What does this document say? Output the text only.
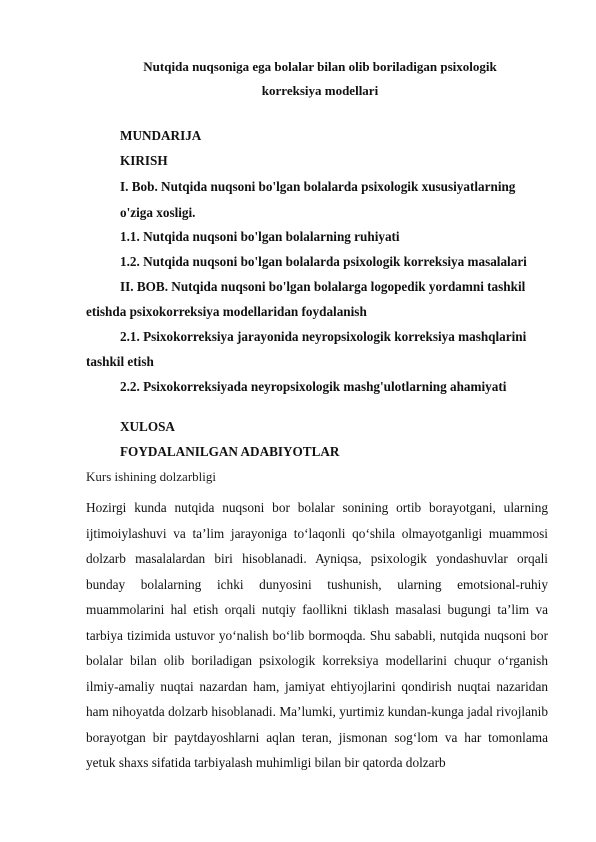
Nutqida nuqsoniga ega bolalar bilan olib boriladigan psixologik
korreksiya modellari
MUNDARIJA
KIRISH
I. Bob. Nutqida nuqsoni bo'lgan bolalarda psixologik xususiyatlarning
o'ziga xosligi.
1.1. Nutqida nuqsoni bo'lgan bolalarning ruhiyati
1.2. Nutqida nuqsoni bo'lgan bolalarda psixologik korreksiya masalalari
II. BOB. Nutqida nuqsoni bo'lgan bolalarga logopedik yordamni tashkil
etishda psixokorreksiya modellaridan foydalanish
2.1. Psixokorreksiya jarayonida neyropsixologik korreksiya mashqlarini
tashkil etish
2.2. Psixokorreksiyada neyropsixologik mashg'ulotlarning ahamiyati
XULOSA
FOYDALANILGAN ADABIYOTLAR
Kurs ishining dolzarbligi

Hozirgi kunda nutqida nuqsoni bor bolalar sonining ortib borayotgani, ularning ijtimoiylashuvi va ta’lim jarayoniga to‘laqonli qo‘shila olmayotganligi muammosi dolzarb masalalardan biri hisoblanadi. Ayniqsa, psixologik yondashuvlar orqali bunday bolalarning ichki dunyosini tushunish, ularning emotsional-ruhiy muammolarini hal etish orqali nutqiy faollikni tiklash masalasi bugungi ta’lim va tarbiya tizimida ustuvor yo‘nalish bo‘lib bormoqda. Shu sababli, nutqida nuqsoni bor bolalar bilan olib boriladigan psixologik korreksiya modellarini chuqur o‘rganish ilmiy-amaliy nuqtai nazardan ham, jamiyat ehtiyojlarini qondirish nuqtai nazaridan ham nihoyatda dolzarb hisoblanadi. Ma’lumki, yurtimiz kundan-kunga jadal rivojlanib borayotgan bir paytdayoshlarni aqlan teran, jismonan sog‘lom va har tomonlama yetuk shaxs sifatida tarbiyalash muhimligi bilan bir qatorda dolzarb
